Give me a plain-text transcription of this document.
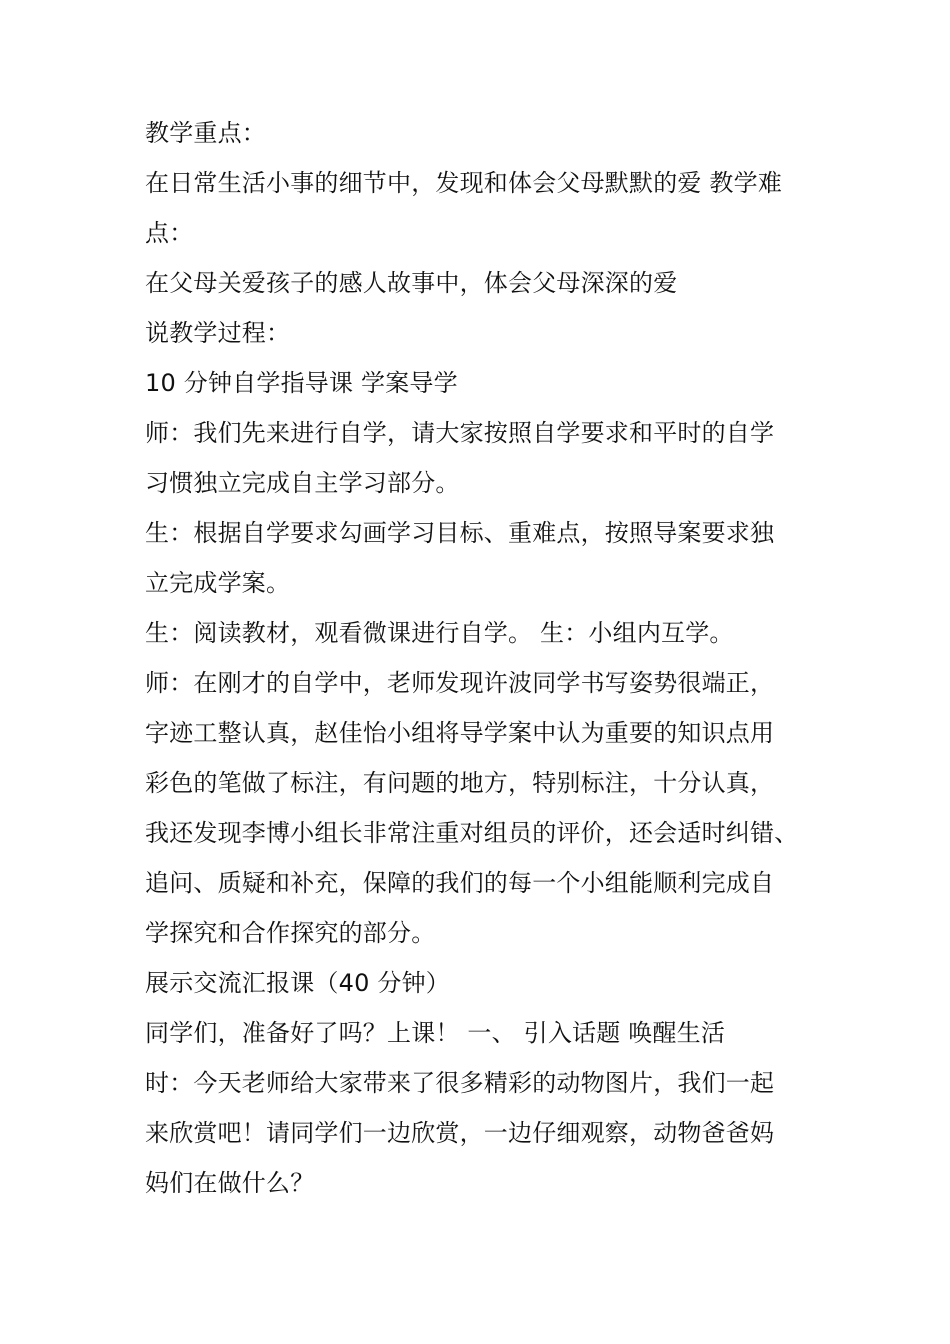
教学重点：
在日常生活小事的细节中，发现和体会父母默默的爱 教学难
点：
在父母关爱孩子的感人故事中，体会父母深深的爱
说教学过程：
10 分钟自学指导课 学案导学
师：我们先来进行自学，请大家按照自学要求和平时的自学
习惯独立完成自主学习部分。
生：根据自学要求勾画学习目标、重难点，按照导案要求独
立完成学案。
生：阅读教材，观看微课进行自学。 生：小组内互学。
师：在刚才的自学中，老师发现许波同学书写姿势很端正，
字迹工整认真，赵佳怡小组将导学案中认为重要的知识点用
彩色的笔做了标注，有问题的地方，特别标注，十分认真，
我还发现李博小组长非常注重对组员的评价，还会适时纠错、
追问、质疑和补充，保障的我们的每一个小组能顺利完成自
学探究和合作探究的部分。
展示交流汇报课（40 分钟）
同学们，准备好了吗？上课！ 一、 引入话题 唤醒生活
时：今天老师给大家带来了很多精彩的动物图片，我们一起
来欣赏吧！请同学们一边欣赏，一边仔细观察，动物爸爸妈
妈们在做什么？
